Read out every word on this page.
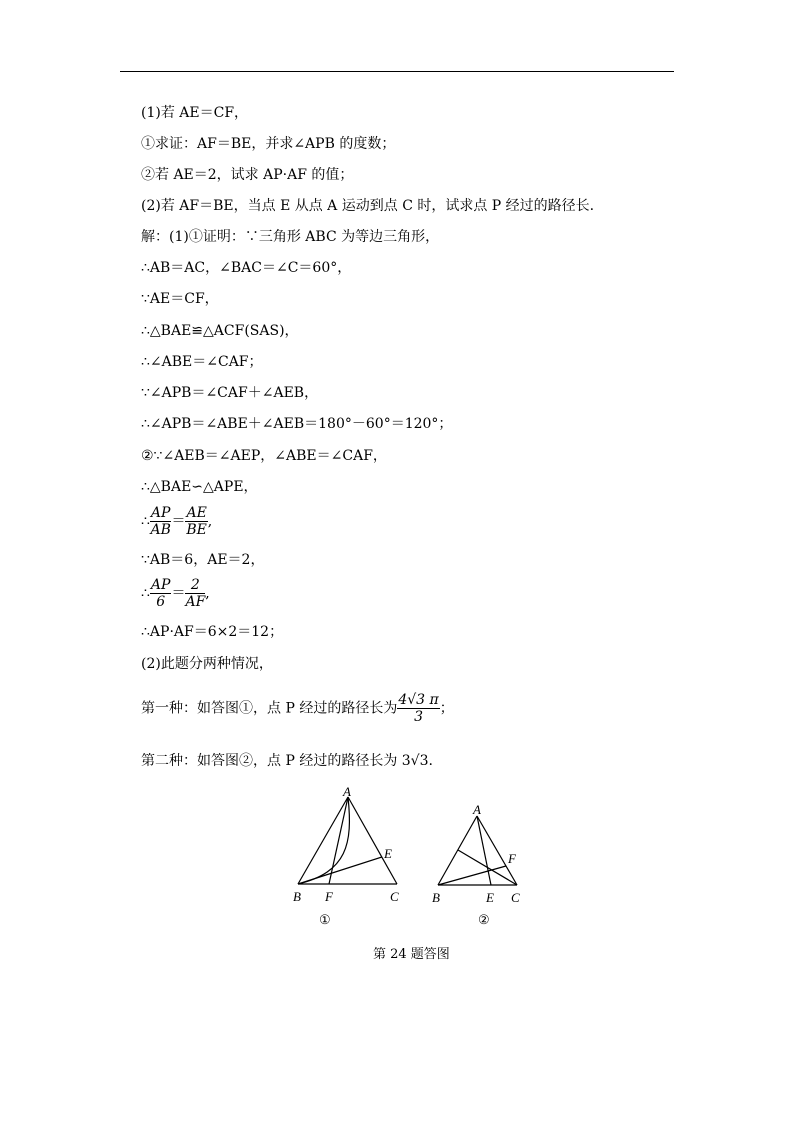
(1)若 AE＝CF，
①求证：AF＝BE，并求∠APB 的度数；
②若 AE＝2，试求 AP·AF 的值；
(2)若 AF＝BE，当点 E 从点 A 运动到点 C 时，试求点 P 经过的路径长.
解：(1)①证明：∵三角形 ABC 为等边三角形，
∴AB＝AC，∠BAC＝∠C＝60°，
∵AE＝CF，
∴△BAE≌△ACF(SAS)，
∴∠ABE＝∠CAF；
∵∠APB＝∠CAF＋∠AEB，
∴∠APB＝∠ABE＋∠AEB＝180°－60°＝120°；
②∵∠AEB＝∠AEP，∠ABE＝∠CAF，
∴△BAE∽△APE，
∴ $\frac{AP}{AB} = \frac{AE}{BE}$ ,
∵AB＝6，AE＝2，
∴ $\frac{AP}{6} = \frac{2}{AF}$ ,
∴AP·AF＝6×2＝12；
(2)此题分两种情况，
第一种：如答图①，点 P 经过的路径长为 $\frac{4√3 \pi}{3}$ ；
第二种：如答图②，点 P 经过的路径长为 3√3.
A
B F	C
E
①
A
B	E C
F
②
第 24 题答图
